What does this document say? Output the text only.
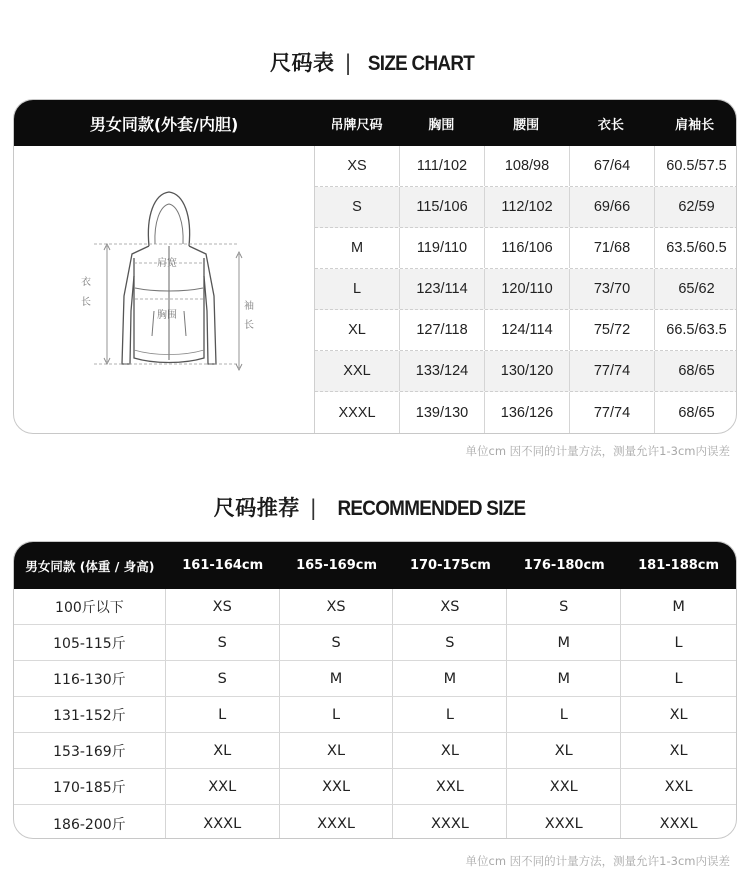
尺码表 | SIZE CHART
男女同款(外套/内胆)	吊牌尺码	胸围	腰围	衣长	肩袖长
衣
长
肩宽
胸围
袖
长
XS	111/102	108/98	67/64	60.5/57.5
S	115/106	112/102	69/66	62/59
M	119/110	116/106	71/68	63.5/60.5
L	123/114	120/110	73/70	65/62
XL	127/118	124/114	75/72	66.5/63.5
XXL	133/124	130/120	77/74	68/65
XXXL	139/130	136/126	77/74	68/65
单位cm 因不同的计量方法，测量允许1-3cm内误差
尺码推荐 | RECOMMENDED SIZE
男女同款 (体重 / 身高)	161-164cm	165-169cm	170-175cm	176-180cm	181-188cm
100斤以下	XS	XS	XS	S	M
105-115斤	S	S	S	M	L
116-130斤	S	M	M	M	L
131-152斤	L	L	L	L	XL
153-169斤	XL	XL	XL	XL	XL
170-185斤	XXL	XXL	XXL	XXL	XXL
186-200斤	XXXL	XXXL	XXXL	XXXL	XXXL
单位cm 因不同的计量方法，测量允许1-3cm内误差
